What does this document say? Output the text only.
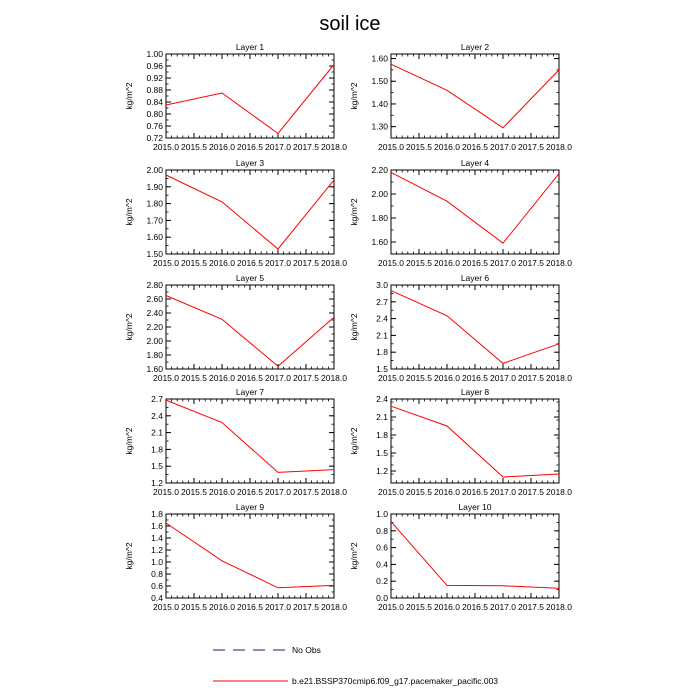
soil ice
Layer 1
kg/m^2
2015.0 2015.5 2016.0 2016.5 2017.0 2017.5 2018.0
0.72
0.76
0.80
0.84
0.88
0.92
0.96
1.00
Layer 2
kg/m^2
2015.0 2015.5 2016.0 2016.5 2017.0 2017.5 2018.0
1.30
1.40
1.50
1.60
Layer 3
kg/m^2
2015.0 2015.5 2016.0 2016.5 2017.0 2017.5 2018.0
1.50
1.60
1.70
1.80
1.90
2.00
Layer 4
kg/m^2
2015.0 2015.5 2016.0 2016.5 2017.0 2017.5 2018.0
1.60
1.80
2.00
2.20
Layer 5
kg/m^2
2015.0 2015.5 2016.0 2016.5 2017.0 2017.5 2018.0
1.60
1.80
2.00
2.20
2.40
2.60
2.80
Layer 6
kg/m^2
2015.0 2015.5 2016.0 2016.5 2017.0 2017.5 2018.0
1.5
1.8
2.1
2.4
2.7
3.0
Layer 7
kg/m^2
2015.0 2015.5 2016.0 2016.5 2017.0 2017.5 2018.0
1.2
1.5
1.8
2.1
2.4
2.7
Layer 8
kg/m^2
2015.0 2015.5 2016.0 2016.5 2017.0 2017.5 2018.0
1.2
1.5
1.8
2.1
2.4
Layer 9
kg/m^2
2015.0 2015.5 2016.0 2016.5 2017.0 2017.5 2018.0
0.4
0.6
0.8
1.0
1.2
1.4
1.6
1.8
Layer 10
kg/m^2
2015.0 2015.5 2016.0 2016.5 2017.0 2017.5 2018.0
0.0
0.2
0.4
0.6
0.8
1.0
No Obs
b.e21.BSSP370cmip6.f09_g17.pacemaker_pacific.003
